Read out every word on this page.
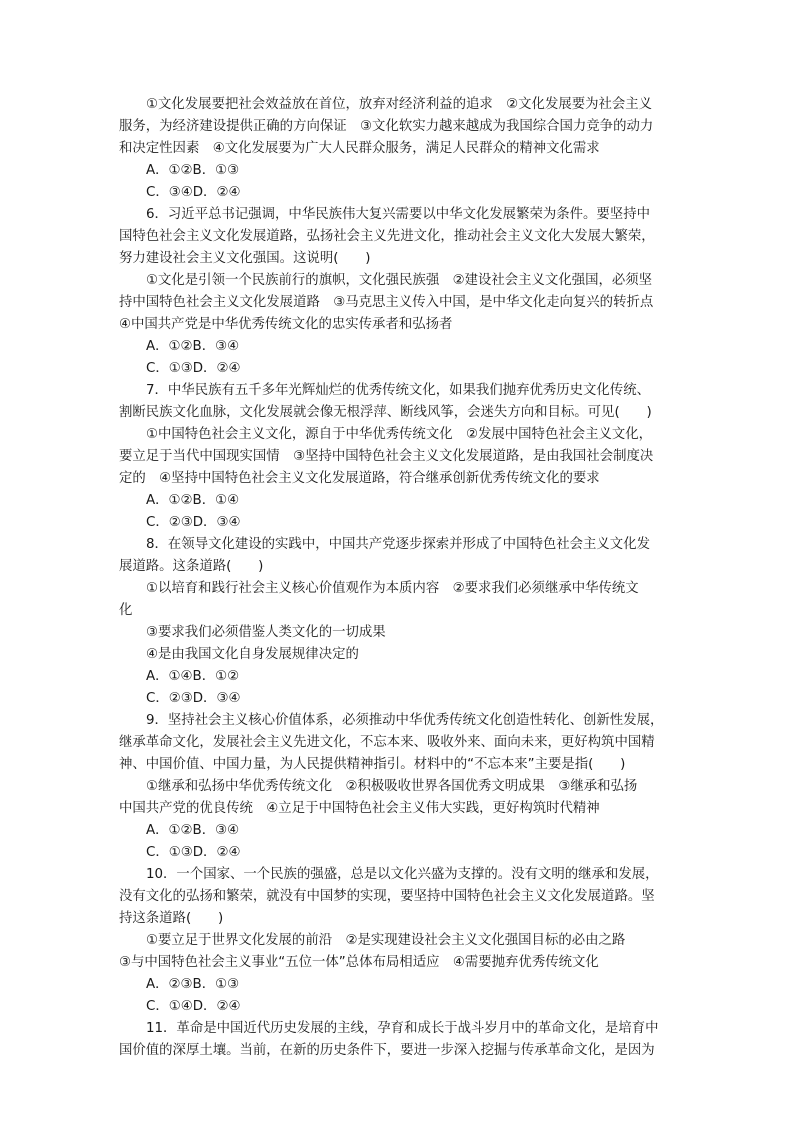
①文化发展要把社会效益放在首位，放弃对经济利益的追求　②文化发展要为社会主义
服务，为经济建设提供正确的方向保证　③文化软实力越来越成为我国综合国力竞争的动力
和决定性因素　④文化发展要为广大人民群众服务，满足人民群众的精神文化需求
A．①②B．①③
C．③④D．②④
6．习近平总书记强调，中华民族伟大复兴需要以中华文化发展繁荣为条件。要坚持中
国特色社会主义文化发展道路，弘扬社会主义先进文化，推动社会主义文化大发展大繁荣，
努力建设社会主义文化强国。这说明(　　)
①文化是引领一个民族前行的旗帜，文化强民族强　②建设社会主义文化强国，必须坚
持中国特色社会主义文化发展道路　③马克思主义传入中国，是中华文化走向复兴的转折点
④中国共产党是中华优秀传统文化的忠实传承者和弘扬者
A．①②B．③④
C．①③D．②④
7．中华民族有五千多年光辉灿烂的优秀传统文化，如果我们抛弃优秀历史文化传统、
割断民族文化血脉，文化发展就会像无根浮萍、断线风筝，会迷失方向和目标。可见(　　)
①中国特色社会主义文化，源自于中华优秀传统文化　②发展中国特色社会主义文化，
要立足于当代中国现实国情　③坚持中国特色社会主义文化发展道路，是由我国社会制度决
定的　④坚持中国特色社会主义文化发展道路，符合继承创新优秀传统文化的要求
A．①②B．①④
C．②③D．③④
8．在领导文化建设的实践中，中国共产党逐步探索并形成了中国特色社会主义文化发
展道路。这条道路(　　)
①以培育和践行社会主义核心价值观作为本质内容　②要求我们必须继承中华传统文
化
③要求我们必须借鉴人类文化的一切成果
④是由我国文化自身发展规律决定的
A．①④B．①②
C．②③D．③④
9．坚持社会主义核心价值体系，必须推动中华优秀传统文化创造性转化、创新性发展，
继承革命文化，发展社会主义先进文化，不忘本来、吸收外来、面向未来，更好构筑中国精
神、中国价值、中国力量，为人民提供精神指引。材料中的“不忘本来”主要是指(　　)
①继承和弘扬中华优秀传统文化　②积极吸收世界各国优秀文明成果　③继承和弘扬
中国共产党的优良传统　④立足于中国特色社会主义伟大实践，更好构筑时代精神
A．①②B．③④
C．①③D．②④
10．一个国家、一个民族的强盛，总是以文化兴盛为支撑的。没有文明的继承和发展，
没有文化的弘扬和繁荣，就没有中国梦的实现，要坚持中国特色社会主义文化发展道路。坚
持这条道路(　　)
①要立足于世界文化发展的前沿　②是实现建设社会主义文化强国目标的必由之路
③与中国特色社会主义事业“五位一体”总体布局相适应　④需要抛弃优秀传统文化
A．②③B．①③
C．①④D．②④
11．革命是中国近代历史发展的主线，孕育和成长于战斗岁月中的革命文化，是培育中
国价值的深厚土壤。当前，在新的历史条件下，要进一步深入挖掘与传承革命文化，是因为
